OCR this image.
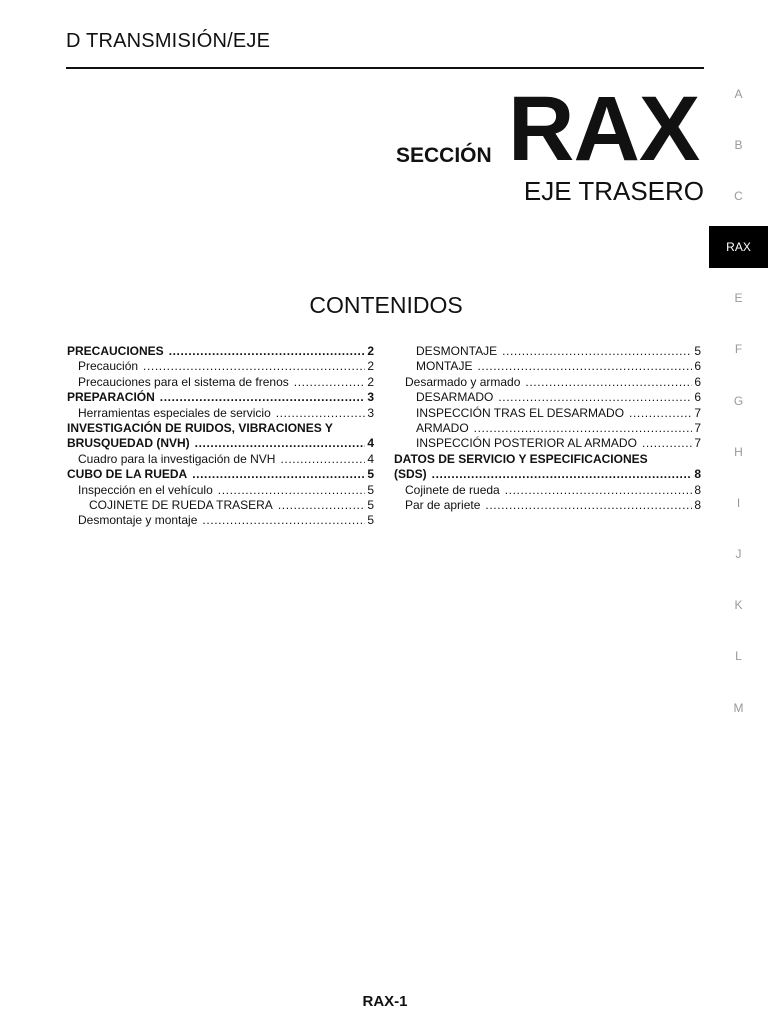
D TRANSMISIÓN/EJE
SECCIÓN RAX
EJE TRASERO
CONTENIDOS
PRECAUCIONES .....	2
Precaución .....	2
Precauciones para el sistema de frenos .....	2
PREPARACIÓN .....	3
Herramientas especiales de servicio .....	3
INVESTIGACIÓN DE RUIDOS, VIBRACIONES Y
BRUSQUEDAD (NVH) .....	4
Cuadro para la investigación de NVH .....	4
CUBO DE LA RUEDA .....	5
Inspección en el vehículo .....	5
COJINETE DE RUEDA TRASERA .....	5
Desmontaje y montaje .....	5
DESMONTAJE .....	5
MONTAJE .....	6
Desarmado y armado .....	6
DESARMADO .....	6
INSPECCIÓN TRAS EL DESARMADO .....	7
ARMADO .....	7
INSPECCIÓN POSTERIOR AL ARMADO .....	7
DATOS DE SERVICIO Y ESPECIFICACIONES
(SDS) .....	8
Cojinete de rueda .....	8
Par de apriete .....	8
A
B
C
RAX
E
F
G
H
I
J
K
L
M
RAX-1
